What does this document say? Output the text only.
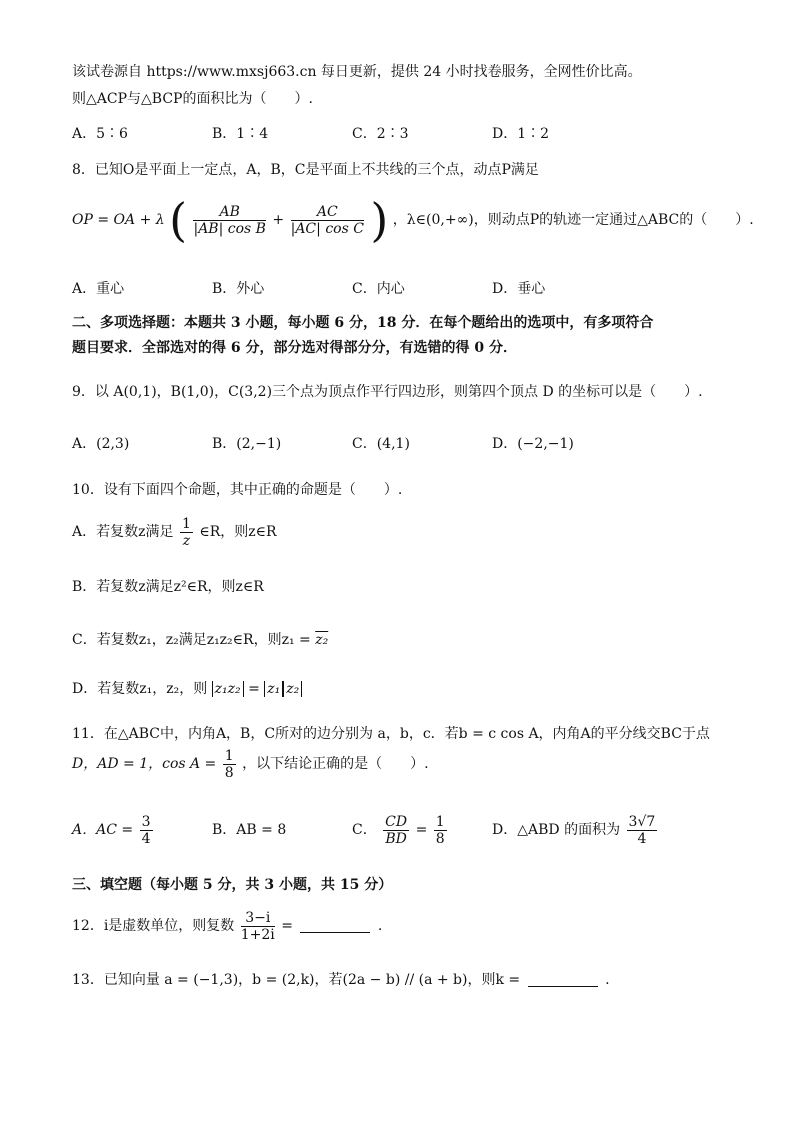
该试卷源自 https://www.mxsj663.cn 每日更新，提供 24 小时找卷服务，全网性价比高。
则△ACP与△BCP的面积比为（　　）.
A．5∶6	B．1∶4	C．2∶3	D．1∶2
8．已知O是平面上一定点，A，B，C是平面上不共线的三个点，动点P满足
OP = OA + λ ( $\frac{AB}{\text{|AB| cos B}} + \frac{AC}{\text{|AC| cos C}}$ ) ，λ∈(0,+∞)，则动点P的轨迹一定通过△ABC的（　　）.
A．重心	B．外心	C．内心	D．垂心
二、多项选择题：本题共 3 小题，每小题 6 分，18 分．在每个题给出的选项中，有多项符合
题目要求．全部选对的得 6 分，部分选对得部分分，有选错的得 0 分．
9．以 A(0,1)，B(1,0)，C(3,2)三个点为顶点作平行四边形，则第四个顶点 D 的坐标可以是（　　）.
A．(2,3)	B．(2,−1)	C．(4,1)	D．(−2,−1)
10．设有下面四个命题，其中正确的命题是（　　）.
A．若复数z满足 $\frac{1}{z}$ ∈R，则z∈R
B．若复数z满足z²∈R，则z∈R
C．若复数z₁，z₂满足z₁z₂∈R，则z₁ = z₂
D．若复数z₁，z₂，则 z₁z₂ = z₁ z₂
11．在△ABC中，内角A，B，C所对的边分别为 a，b，c．若b = c cos A，内角A的平分线交BC于点
D，AD = 1，$\cos A = \frac{1}{8}$ ，以下结论正确的是（　　）.
A．AC = $\frac{3}{4}$	B．AB = 8	C． $\frac{CD}{BD} = \frac{1}{8}$	D．△ABD 的面积为 $\frac{3√7}{4}$
三、填空题（每小题 5 分，共 3 小题，共 15 分）
12．i是虚数单位，则复数 $\frac{3-i}{1+2i}$ =	.
13．已知向量 a = (−1,3)，b = (2,k)，若(2a − b) // (a + b)，则k =	.
